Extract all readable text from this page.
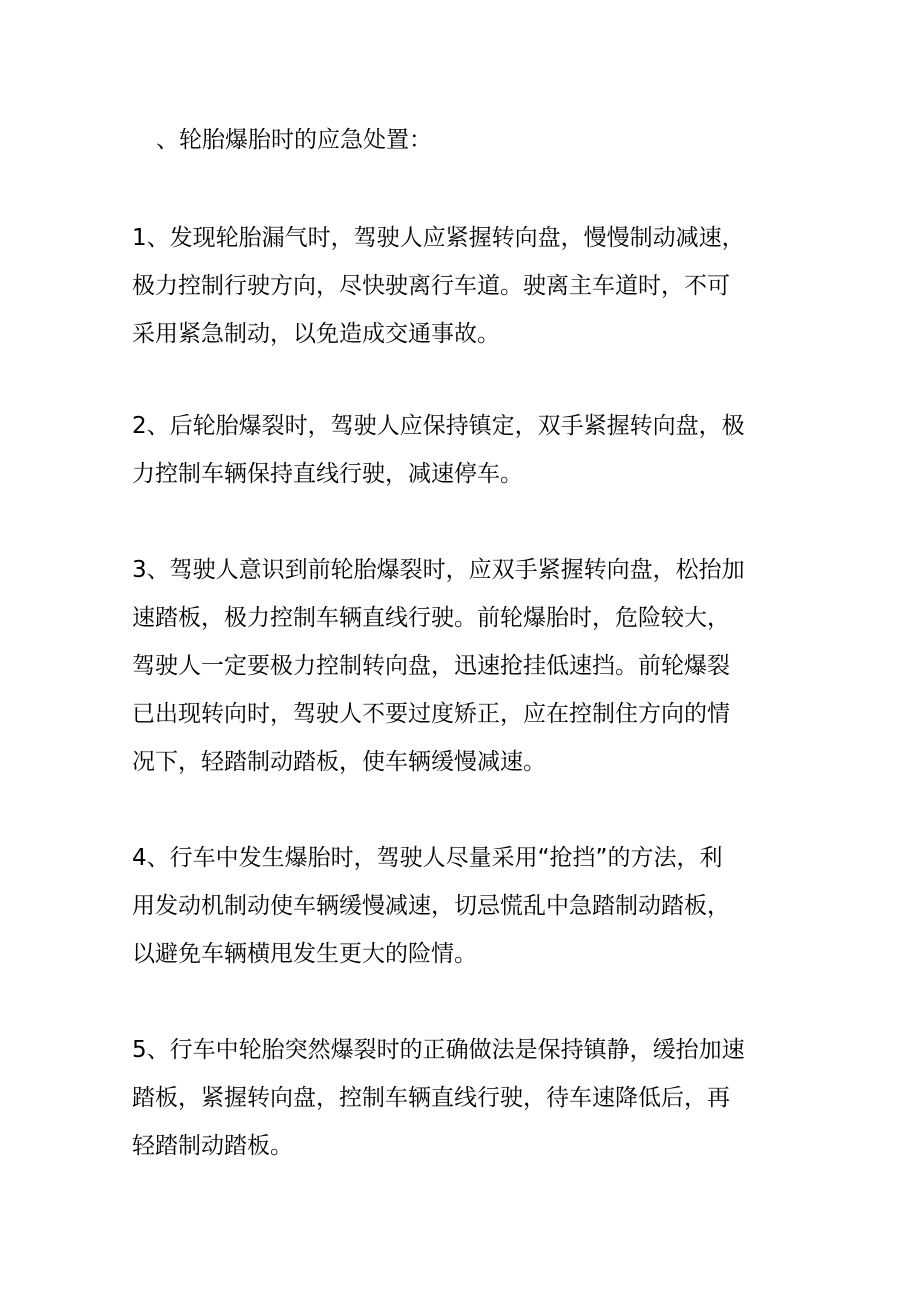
、轮胎爆胎时的应急处置：
1、发现轮胎漏气时，驾驶人应紧握转向盘，慢慢制动减速，
极力控制行驶方向，尽快驶离行车道。驶离主车道时，不可
采用紧急制动，以免造成交通事故。
2、后轮胎爆裂时，驾驶人应保持镇定，双手紧握转向盘，极
力控制车辆保持直线行驶，减速停车。
3、驾驶人意识到前轮胎爆裂时，应双手紧握转向盘，松抬加
速踏板，极力控制车辆直线行驶。前轮爆胎时，危险较大，
驾驶人一定要极力控制转向盘，迅速抢挂低速挡。前轮爆裂
已出现转向时，驾驶人不要过度矫正，应在控制住方向的情
况下，轻踏制动踏板，使车辆缓慢减速。
4、行车中发生爆胎时，驾驶人尽量采用“抢挡”的方法，利
用发动机制动使车辆缓慢减速，切忌慌乱中急踏制动踏板，
以避免车辆横甩发生更大的险情。
5、行车中轮胎突然爆裂时的正确做法是保持镇静，缓抬加速
踏板，紧握转向盘，控制车辆直线行驶，待车速降低后，再
轻踏制动踏板。
